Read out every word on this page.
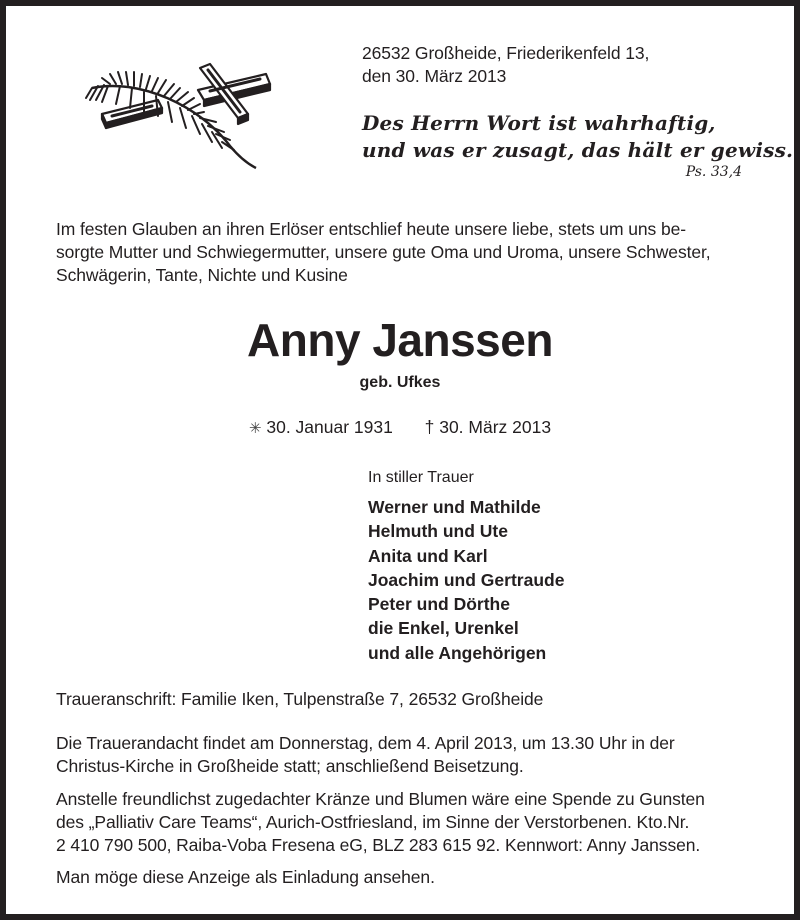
26532 Großheide, Friederikenfeld 13,
den 30. März 2013
Des Herrn Wort ist wahrhaftig,
und was er zusagt, das hält er gewiss.
Ps. 33,4
Im festen Glauben an ihren Erlöser entschlief heute unsere liebe, stets um uns be-
sorgte Mutter und Schwiegermutter, unsere gute Oma und Uroma, unsere Schwester,
Schwägerin, Tante, Nichte und Kusine
Anny Janssen
geb. Ufkes
✳ 30. Januar 1931 † 30. März 2013
In stiller Trauer
Werner und Mathilde
Helmuth und Ute
Anita und Karl
Joachim und Gertraude
Peter und Dörthe
die Enkel, Urenkel
und alle Angehörigen
Traueranschrift: Familie Iken, Tulpenstraße 7, 26532 Großheide
Die Trauerandacht findet am Donnerstag, dem 4. April 2013, um 13.30 Uhr in der
Christus-Kirche in Großheide statt; anschließend Beisetzung.
Anstelle freundlichst zugedachter Kränze und Blumen wäre eine Spende zu Gunsten
des „Palliativ Care Teams“, Aurich-Ostfriesland, im Sinne der Verstorbenen. Kto.Nr.
2 410 790 500, Raiba-Voba Fresena eG, BLZ 283 615 92. Kennwort: Anny Janssen.
Man möge diese Anzeige als Einladung ansehen.
